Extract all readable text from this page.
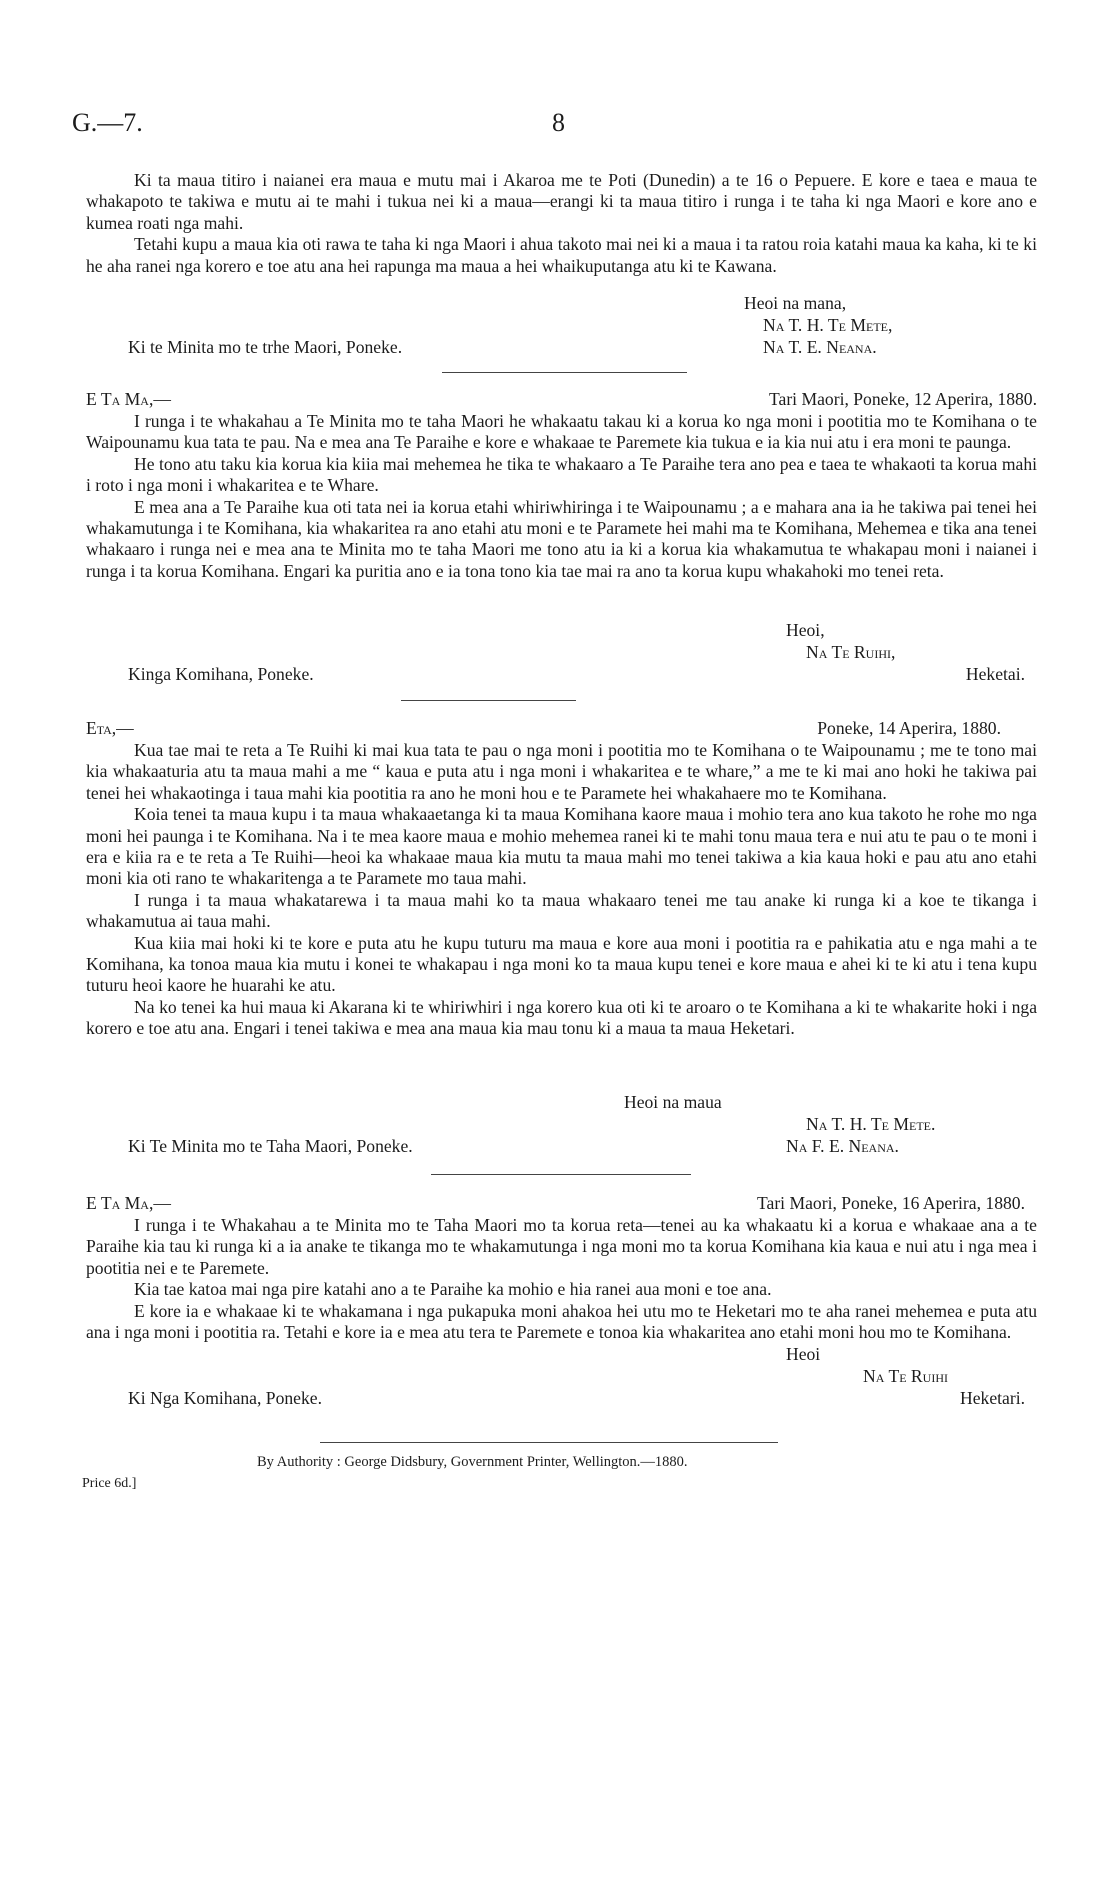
G.—7.	8

Ki ta maua titiro i naianei era maua e mutu mai i Akaroa me te Poti (Dunedin) a te 16 o Pepuere. E kore e taea e maua te whakapoto te takiwa e mutu ai te mahi i tukua nei ki a maua—erangi ki ta maua titiro i runga i te taha ki nga Maori e kore ano e kumea roati nga mahi.

Tetahi kupu a maua kia oti rawa te taha ki nga Maori i ahua takoto mai nei ki a maua i ta ratou roia katahi maua ka kaha, ki te ki he aha ranei nga korero e toe atu ana hei rapunga ma maua a hei whaikuputanga atu ki te Kawana.

Heoi na mana,
Na T. H. Te Mete,
Ki te Minita mo te trhe Maori, Poneke.	Na T. E. Neana.
E Ta Ma,—	Tari Maori, Poneke, 12 Aperira, 1880.

I runga i te whakahau a Te Minita mo te taha Maori he whakaatu takau ki a korua ko nga moni i pootitia mo te Komihana o te Waipounamu kua tata te pau. Na e mea ana Te Paraihe e kore e whakaae te Paremete kia tukua e ia kia nui atu i era moni te paunga.

He tono atu taku kia korua kia kiia mai mehemea he tika te whakaaro a Te Paraihe tera ano pea e taea te whakaoti ta korua mahi i roto i nga moni i whakaritea e te Whare.

E mea ana a Te Paraihe kua oti tata nei ia korua etahi whiriwhiringa i te Waipounamu ; a e mahara ana ia he takiwa pai tenei hei whakamutunga i te Komihana, kia whakaritea ra ano etahi atu moni e te Paramete hei mahi ma te Komihana, Mehemea e tika ana tenei whakaaro i runga nei e mea ana te Minita mo te taha Maori me tono atu ia ki a korua kia whakamutua te whakapau moni i naianei i runga i ta korua Komihana. Engari ka puritia ano e ia tona tono kia tae mai ra ano ta korua kupu whakahoki mo tenei reta.

Heoi,
Na Te Ruihi,
Kinga Komihana, Poneke.	Heketai.
Eta,—	Poneke, 14 Aperira, 1880.

Kua tae mai te reta a Te Ruihi ki mai kua tata te pau o nga moni i pootitia mo te Komihana o te Waipounamu ; me te tono mai kia whakaaturia atu ta maua mahi a me “ kaua e puta atu i nga moni i whakaritea e te whare,” a me te ki mai ano hoki he takiwa pai tenei hei whakaotinga i taua mahi kia pootitia ra ano he moni hou e te Paramete hei whakahaere mo te Komihana.

Koia tenei ta maua kupu i ta maua whakaaetanga ki ta maua Komihana kaore maua i mohio tera ano kua takoto he rohe mo nga moni hei paunga i te Komihana. Na i te mea kaore maua e mohio mehemea ranei ki te mahi tonu maua tera e nui atu te pau o te moni i era e kiia ra e te reta a Te Ruihi—heoi ka whakaae maua kia mutu ta maua mahi mo tenei takiwa a kia kaua hoki e pau atu ano etahi moni kia oti rano te whakaritenga a te Paramete mo taua mahi.

I runga i ta maua whakatarewa i ta maua mahi ko ta maua whakaaro tenei me tau anake ki runga ki a koe te tikanga i whakamutua ai taua mahi.

Kua kiia mai hoki ki te kore e puta atu he kupu tuturu ma maua e kore aua moni i pootitia ra e pahikatia atu e nga mahi a te Komihana, ka tonoa maua kia mutu i konei te whakapau i nga moni ko ta maua kupu tenei e kore maua e ahei ki te ki atu i tena kupu tuturu heoi kaore he huarahi ke atu.

Na ko tenei ka hui maua ki Akarana ki te whiriwhiri i nga korero kua oti ki te aroaro o te Komihana a ki te whakarite hoki i nga korero e toe atu ana. Engari i tenei takiwa e mea ana maua kia mau tonu ki a maua ta maua Heketari.

Heoi na maua
Na T. H. Te Mete.
Ki Te Minita mo te Taha Maori, Poneke.	Na F. E. Neana.
E Ta Ma,—	Tari Maori, Poneke, 16 Aperira, 1880.

I runga i te Whakahau a te Minita mo te Taha Maori mo ta korua reta—tenei au ka whakaatu ki a korua e whakaae ana a te Paraihe kia tau ki runga ki a ia anake te tikanga mo te whakamutunga i nga moni mo ta korua Komihana kia kaua e nui atu i nga mea i pootitia nei e te Paremete.

Kia tae katoa mai nga pire katahi ano a te Paraihe ka mohio e hia ranei aua moni e toe ana.

E kore ia e whakaae ki te whakamana i nga pukapuka moni ahakoa hei utu mo te Heketari mo te aha ranei mehemea e puta atu ana i nga moni i pootitia ra. Tetahi e kore ia e mea atu tera te Paremete e tonoa kia whakaritea ano etahi moni hou mo te Komihana.

Heoi
Na Te Ruihi
Ki Nga Komihana, Poneke.	Heketari.
By Authority : George Didsbury, Government Printer, Wellington.—1880.
Price 6d.]
